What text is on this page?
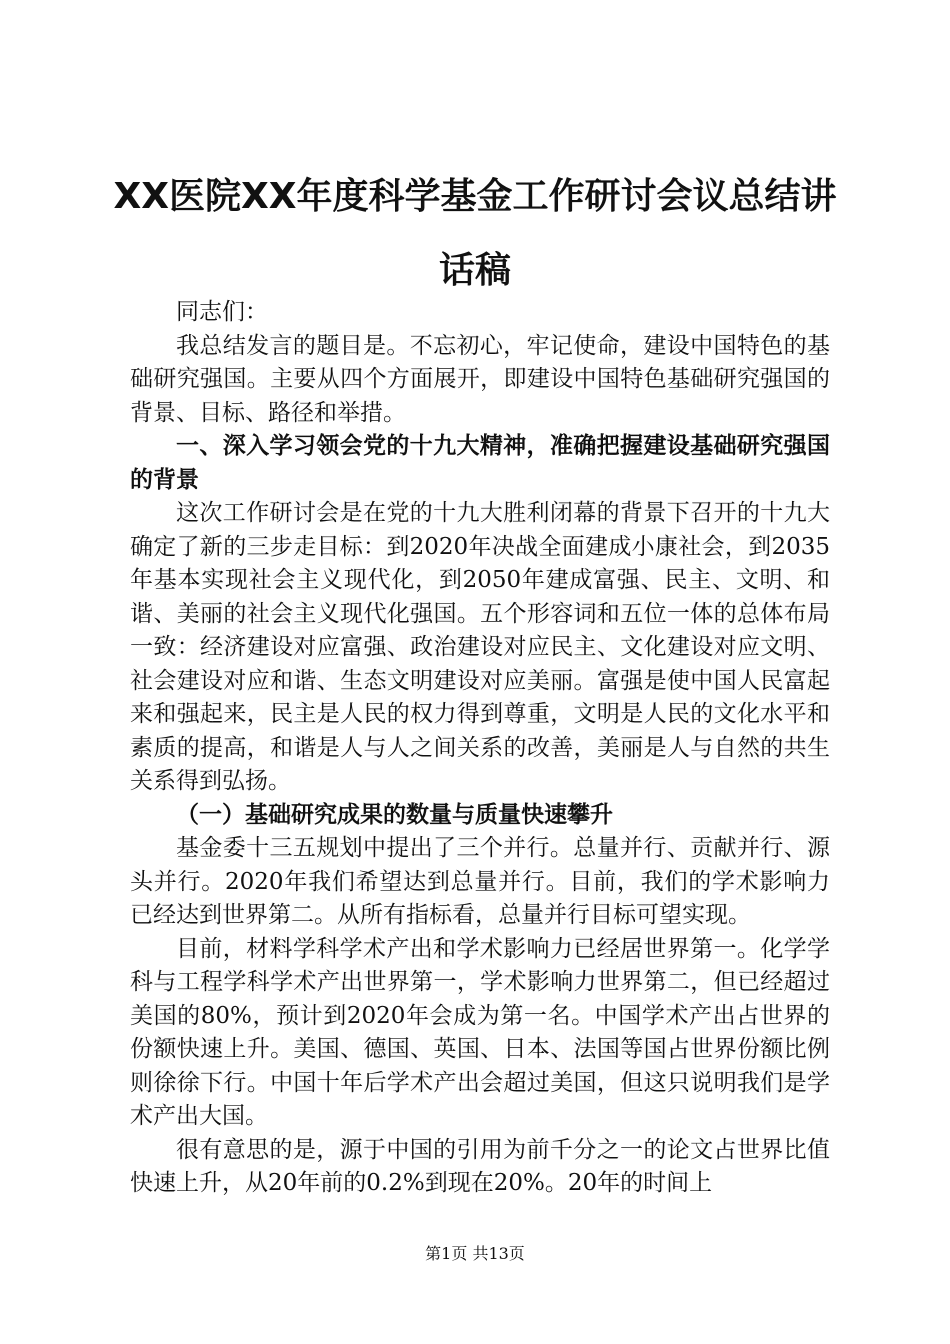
XX医院XX年度科学基金工作研讨会议总结讲话稿

同志们：

我总结发言的题目是。不忘初心，牢记使命，建设中国特色的基础研究强国。主要从四个方面展开，即建设中国特色基础研究强国的背景、目标、路径和举措。

一、深入学习领会党的十九大精神，准确把握建设基础研究强国的背景

这次工作研讨会是在党的十九大胜利闭幕的背景下召开的十九大确定了新的三步走目标：到2020年决战全面建成小康社会，到2035年基本实现社会主义现代化，到2050年建成富强、民主、文明、和谐、美丽的社会主义现代化强国。五个形容词和五位一体的总体布局一致：经济建设对应富强、政治建设对应民主、文化建设对应文明、社会建设对应和谐、生态文明建设对应美丽。富强是使中国人民富起来和强起来，民主是人民的权力得到尊重，文明是人民的文化水平和素质的提高，和谐是人与人之间关系的改善，美丽是人与自然的共生关系得到弘扬。

（一）基础研究成果的数量与质量快速攀升

基金委十三五规划中提出了三个并行。总量并行、贡献并行、源头并行。2020年我们希望达到总量并行。目前，我们的学术影响力已经达到世界第二。从所有指标看，总量并行目标可望实现。

目前，材料学科学术产出和学术影响力已经居世界第一。化学学科与工程学科学术产出世界第一，学术影响力世界第二，但已经超过美国的80%，预计到2020年会成为第一名。中国学术产出占世界的份额快速上升。美国、德国、英国、日本、法国等国占世界份额比例则徐徐下行。中国十年后学术产出会超过美国，但这只说明我们是学术产出大国。

很有意思的是，源于中国的引用为前千分之一的论文占世界比值快速上升，从20年前的0.2%到现在20%。20年的时间上

第1页 共13页
